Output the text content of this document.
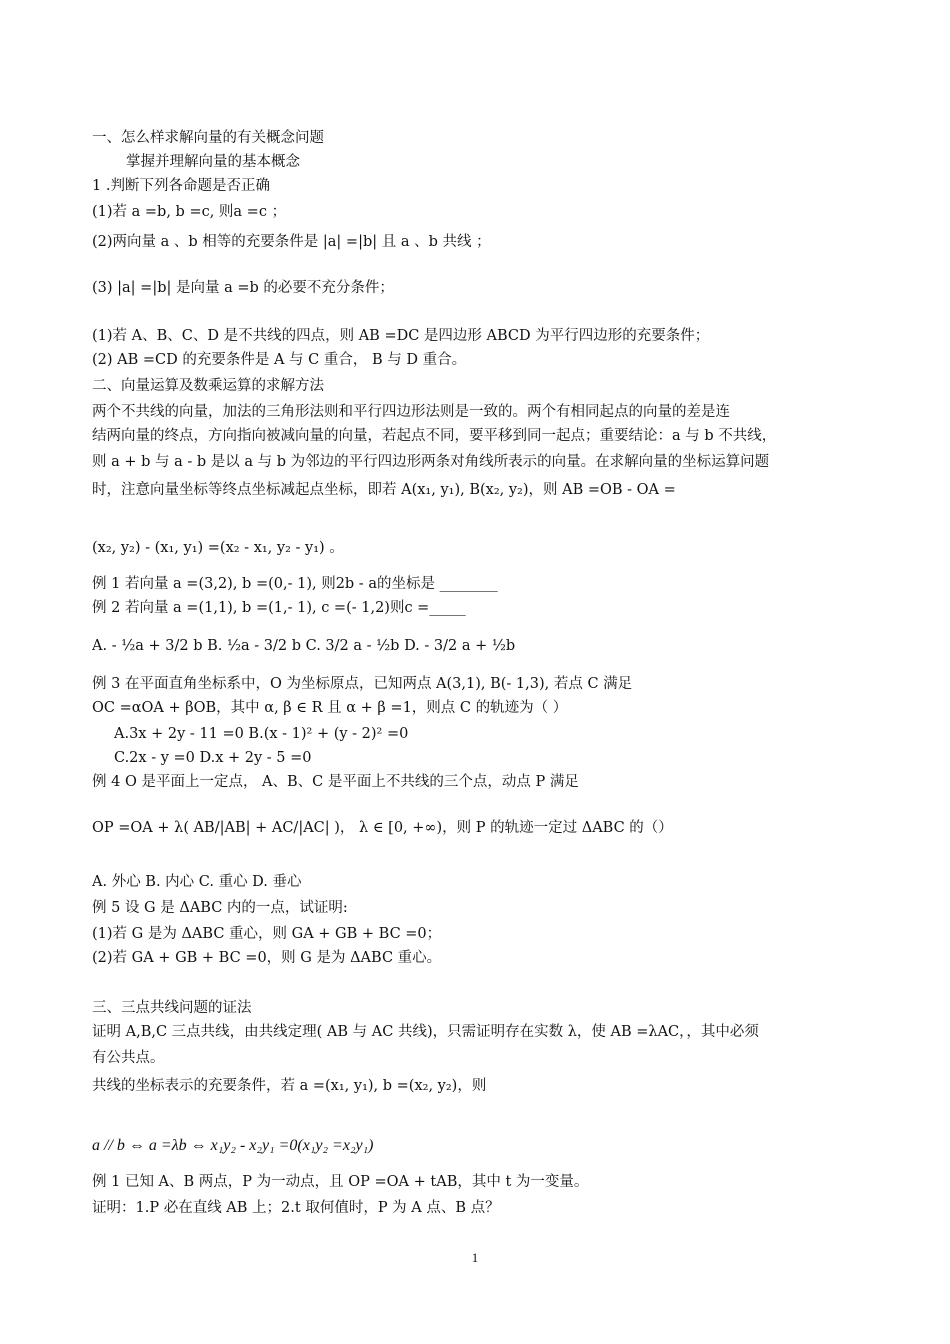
一、怎么样求解向量的有关概念问题
掌握并理解向量的基本概念
1 .判断下列各命题是否正确
(1)若 a =b, b =c, 则a =c ；
(2)两向量 a 、b 相等的充要条件是 |a| =|b| 且 a 、b 共线 ；
(3) |a| =|b| 是向量 a =b 的必要不充分条件；
(1)若 A、B、C、D 是不共线的四点，则 AB =DC 是四边形 ABCD 为平行四边形的充要条件；
(2) AB =CD 的充要条件是 A 与 C 重合， B 与 D 重合。
二、向量运算及数乘运算的求解方法
两个不共线的向量，加法的三角形法则和平行四边形法则是一致的。两个有相同起点的向量的差是连
结两向量的终点，方向指向被减向量的向量，若起点不同，要平移到同一起点；重要结论：a 与 b 不共线，
则 a + b 与 a - b 是以 a 与 b 为邻边的平行四边形两条对角线所表示的向量。在求解向量的坐标运算问题
时，注意向量坐标等终点坐标减起点坐标，即若 A(x₁, y₁), B(x₂, y₂)，则 AB =OB - OA =
(x₂, y₂) - (x₁, y₁) =(x₂ - x₁, y₂ - y₁) 。
例 1 若向量 a =(3,2), b =(0,- 1), 则2b - a的坐标是 ________
例 2 若向量 a =(1,1), b =(1,- 1), c =(- 1,2)则c =_____
A. - ½a + 3/2 b B. ½a - 3/2 b C. 3/2 a - ½b D. - 3/2 a + ½b
例 3 在平面直角坐标系中，O 为坐标原点，已知两点 A(3,1), B(- 1,3), 若点 C 满足
OC =αOA + βOB，其中 α, β ∈ R 且 α + β =1，则点 C 的轨迹为（ ）
A.3x + 2y - 11 =0 B.(x - 1)² + (y - 2)² =0
C.2x - y =0 D.x + 2y - 5 =0
例 4 O 是平面上一定点， A、B、C 是平面上不共线的三个点，动点 P 满足
OP =OA + λ( AB/|AB| + AC/|AC| )， λ ∈ [0, +∞)，则 P 的轨迹一定过 ΔABC 的（）
A. 外心 B. 内心 C. 重心 D. 垂心
例 5 设 G 是 ΔABC 内的一点，试证明:
(1)若 G 是为 ΔABC 重心，则 GA + GB + BC =0；
(2)若 GA + GB + BC =0，则 G 是为 ΔABC 重心。
三、三点共线问题的证法
证明 A,B,C 三点共线，由共线定理( AB 与 AC 共线)，只需证明存在实数 λ，使 AB =λAC，，其中必须
有公共点。
共线的坐标表示的充要条件，若 a =(x₁, y₁), b =(x₂, y₂)，则
a // b ⇔ a =λb ⇔ x₁y₂ - x₂y₁ =0(x₁y₂ =x₂y₁)
例 1 已知 A、B 两点，P 为一动点，且 OP =OA + tAB，其中 t 为一变量。
证明：1.P 必在直线 AB 上；2.t 取何值时，P 为 A 点、B 点？
1
